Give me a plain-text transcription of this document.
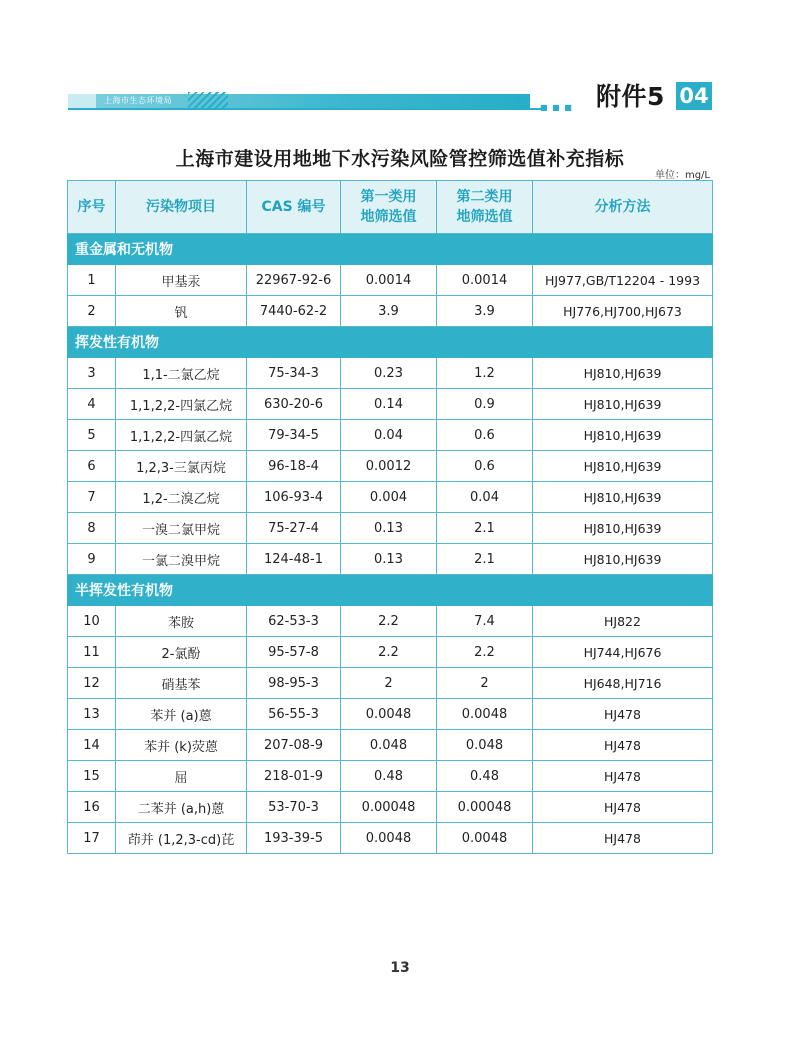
上海市生态环境局
■ ■ ■ 附件5 04
上海市建设用地地下水污染风险管控筛选值补充指标
单位：mg/L
序号	污染物项目	CAS 编号	第一类用
地筛选值	第二类用
地筛选值	分析方法
重金属和无机物					
1	甲基汞	22967-92-6	0.0014	0.0014	HJ977,GB/T12204 - 1993
2	钒	7440-62-2	3.9	3.9	HJ776,HJ700,HJ673
挥发性有机物					
3	1,1-二氯乙烷	75-34-3	0.23	1.2	HJ810,HJ639
4	1,1,2,2-四氯乙烷	630-20-6	0.14	0.9	HJ810,HJ639
5	1,1,2,2-四氯乙烷	79-34-5	0.04	0.6	HJ810,HJ639
6	1,2,3-三氯丙烷	96-18-4	0.0012	0.6	HJ810,HJ639
7	1,2-二溴乙烷	106-93-4	0.004	0.04	HJ810,HJ639
8	一溴二氯甲烷	75-27-4	0.13	2.1	HJ810,HJ639
9	一氯二溴甲烷	124-48-1	0.13	2.1	HJ810,HJ639
半挥发性有机物					
10	苯胺	62-53-3	2.2	7.4	HJ822
11	2-氯酚	95-57-8	2.2	2.2	HJ744,HJ676
12	硝基苯	98-95-3	2	2	HJ648,HJ716
13	苯并 (a)蒽	56-55-3	0.0048	0.0048	HJ478
14	苯并 (k)荧蒽	207-08-9	0.048	0.048	HJ478
15	屈	218-01-9	0.48	0.48	HJ478
16	二苯并 (a,h)蒽	53-70-3	0.00048	0.00048	HJ478
17	茚并 (1,2,3-cd)芘	193-39-5	0.0048	0.0048	HJ478
13
